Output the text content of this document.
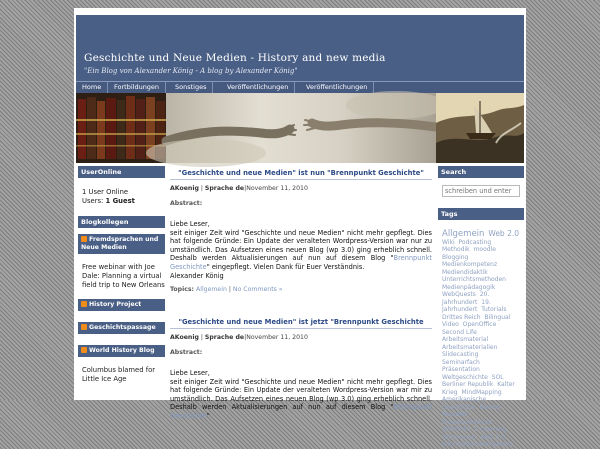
Geschichte und Neue Medien - History and new media
"Ein Blog von Alexander König - A blog by Alexander König"
Home	Fortbildungen	Sonstiges	Veröffentlichungen	Veröffentlichungen
UserOnline
1 User Online
Users: 1 Guest
Blogkollegen
Fremdsprachen und Neue Medien
Free webinar with Joe Dale: Planning a virtual field trip to New Orleans
History Project
Geschichtspassage
World History Blog
Columbus blamed for Little Ice Age
"Geschichte und neue Medien" ist nun "Brennpunkt Geschichte"
AKoenig | Sprache de|November 11, 2010
Abstract:
Liebe Leser,
seit einiger Zeit wird "Geschichte und neue Medien" nicht mehr gepflegt. Dies hat folgende Gründe: Ein Update der veralteten Wordpress-Version war nur zu umständlich. Das Aufsetzen eines neuen Blog (wp 3.0) ging erheblich schnell. Deshalb werden Aktualisierungen auf nun auf diesem Blog "Brennpunkt Geschichte" eingepflegt. Vielen Dank für Euer Verständnis.
Alexander König
Topics: Allgemein | No Comments »
"Geschichte und neue Medien" ist jetzt "Brennpunkt Geschichte
AKoenig | Sprache de|November 11, 2010
Abstract:
Liebe Leser,
seit einiger Zeit wird "Geschichte und neue Medien" nicht mehr gepflegt. Dies hat folgende Gründe: Ein Update der veralteten Wordpress-Version war mir zu umständlich. Das Aufsetzen eines neuen Blog (wp 3.0) ging erheblich schnell. Deshalb werden Aktualisierungen auf nun auf diesem Blog "Brennpunkt Geschichte"
Search
schreiben und enter
Tags
Allgemein Web 2.0 Wiki Podcasting Methodik moodle Blogging Medienkompetenz Mediendidaktik Unterrichtsmethoden Medienpädagogik WebQuests 20. Jahrhundert 19. Jahrhundert Tutorials Drittes Reich Bilingual Video OpenOffice Second Life Arbeitsmaterial Arbeitsmaterialien Slidecasting Seminarfach Präsentation Weltgeschichte SOL Berliner Republik Kalter Krieg MindMapping Amerikanische Geschichte Bonner Republik Projektunterricht ePortfolio E-Learning Terrorismus Web 3.0 Informationskompetenz
